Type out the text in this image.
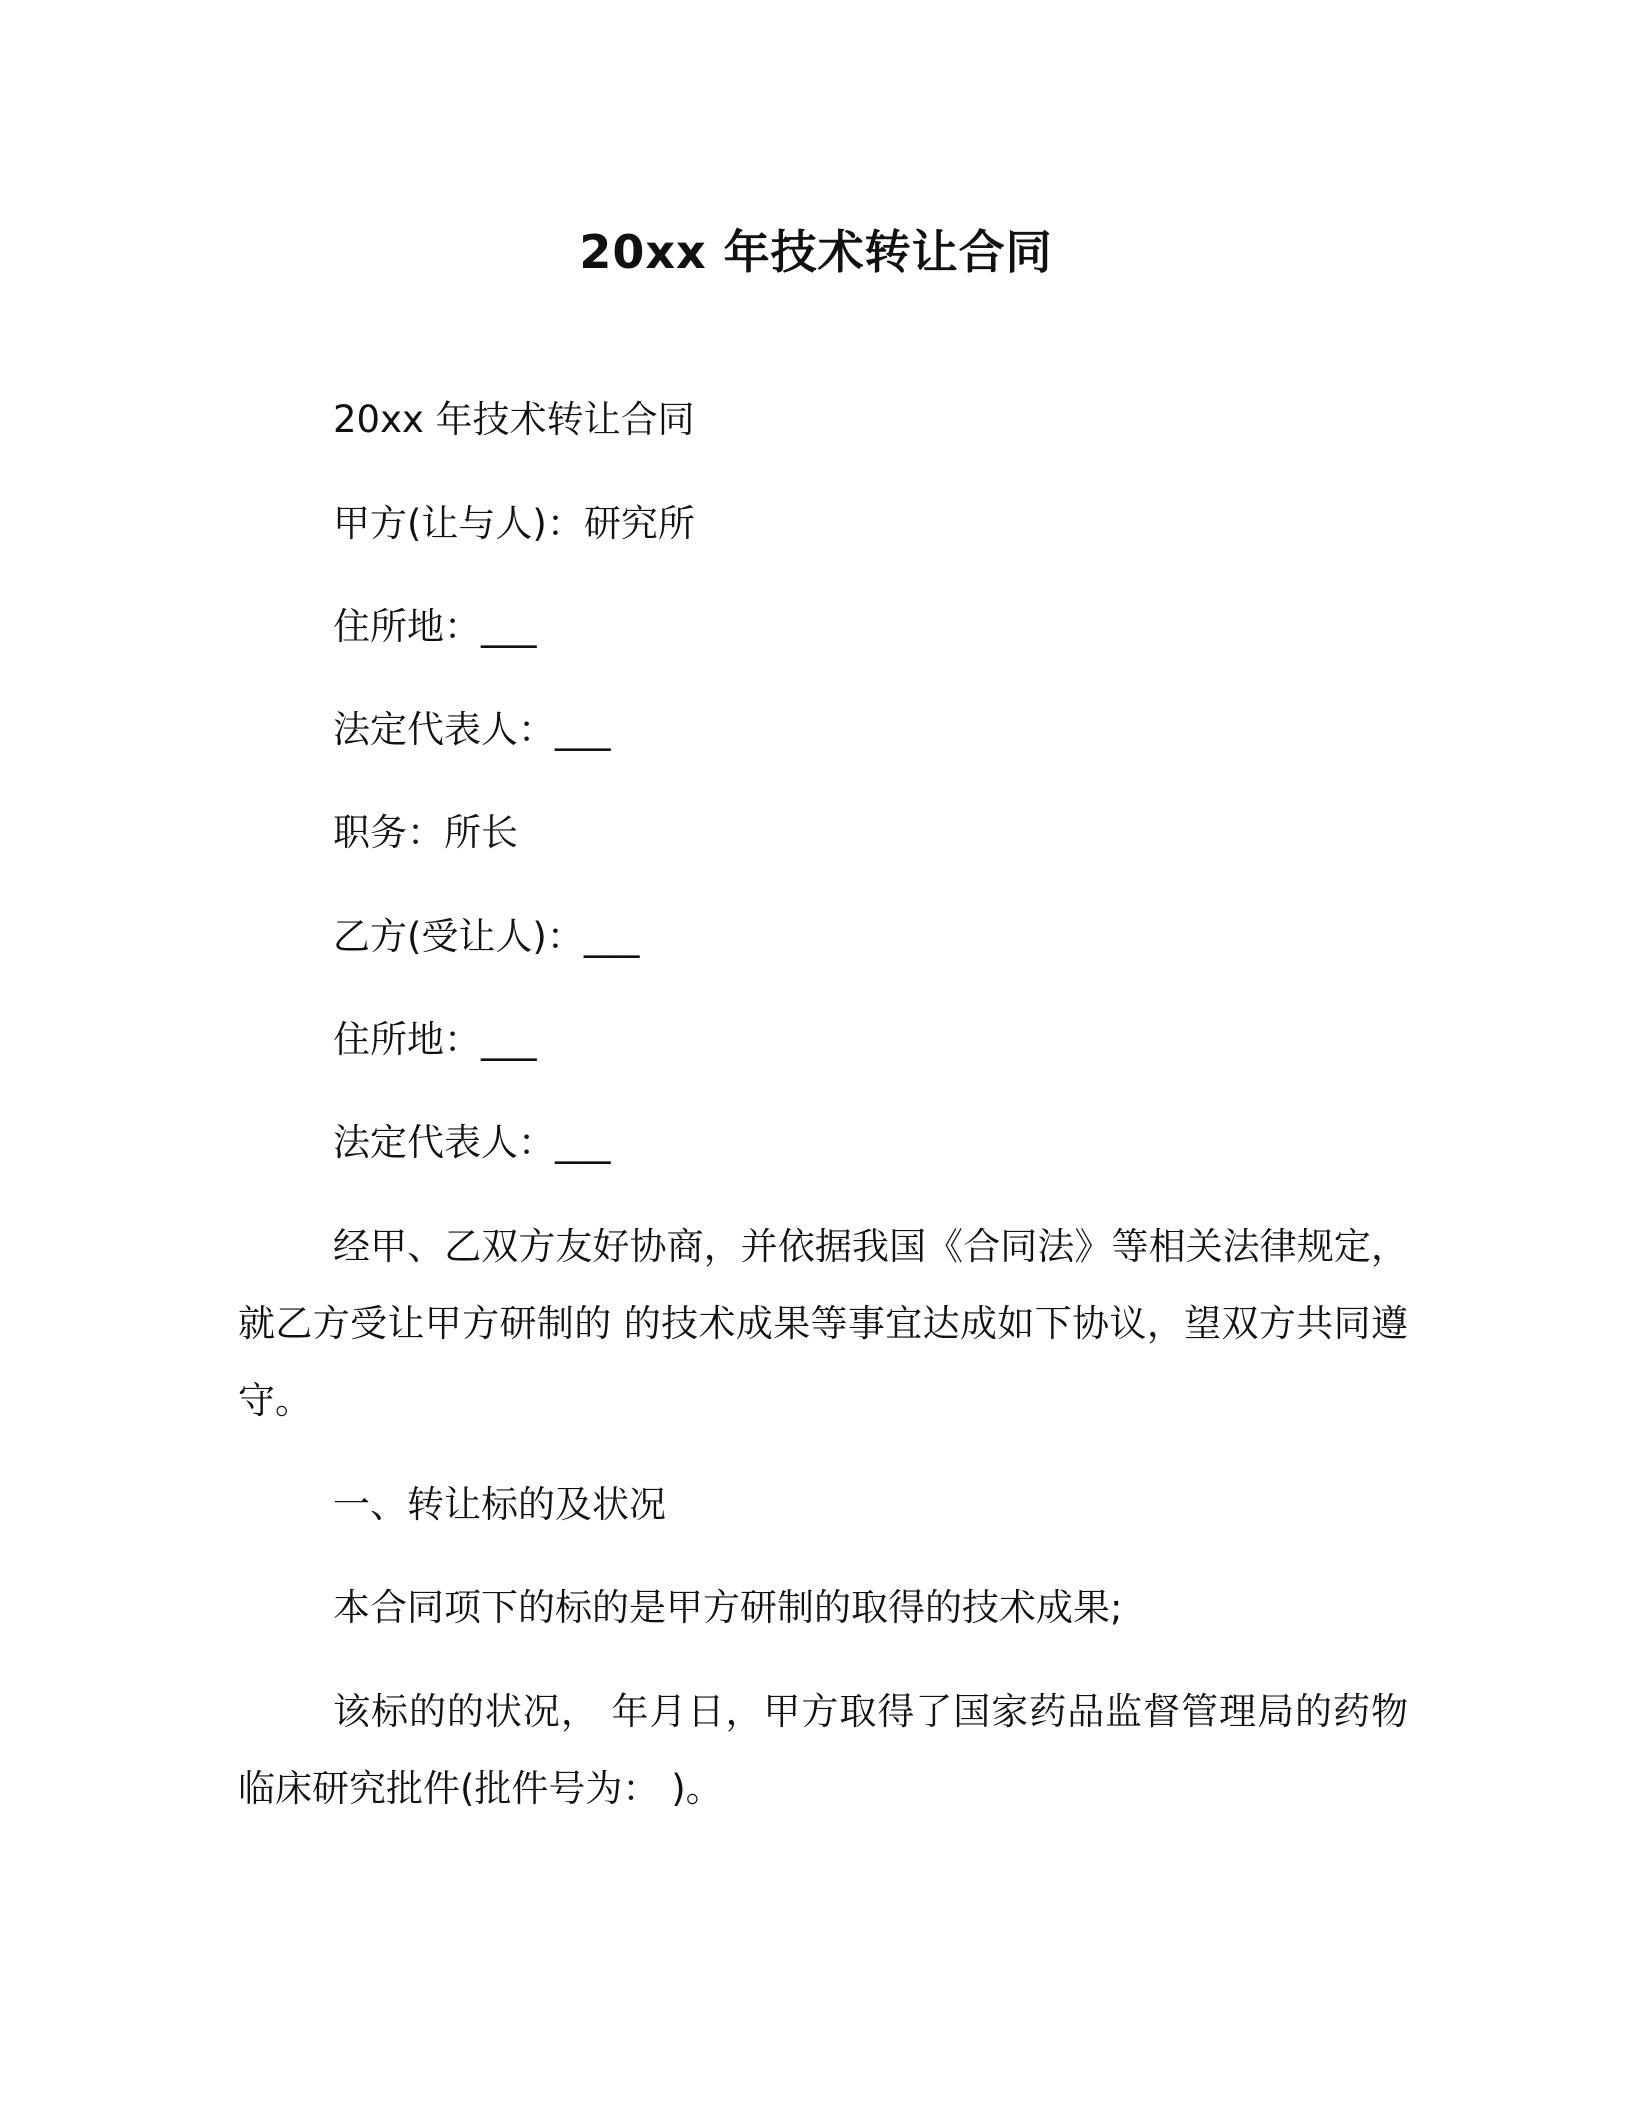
20xx 年技术转让合同
20xx 年技术转让合同
甲方(让与人)：研究所
住所地：___
法定代表人：___
职务：所长
乙方(受让人)：___
住所地：___
法定代表人：___
经甲、乙双方友好协商，并依据我国《合同法》等相关法律规定，就乙方受让甲方研制的 的技术成果等事宜达成如下协议，望双方共同遵守。
一、转让标的及状况
本合同项下的标的是甲方研制的取得的技术成果;
该标的的状况， 年月日，甲方取得了国家药品监督管理局的药物临床研究批件(批件号为： )。
